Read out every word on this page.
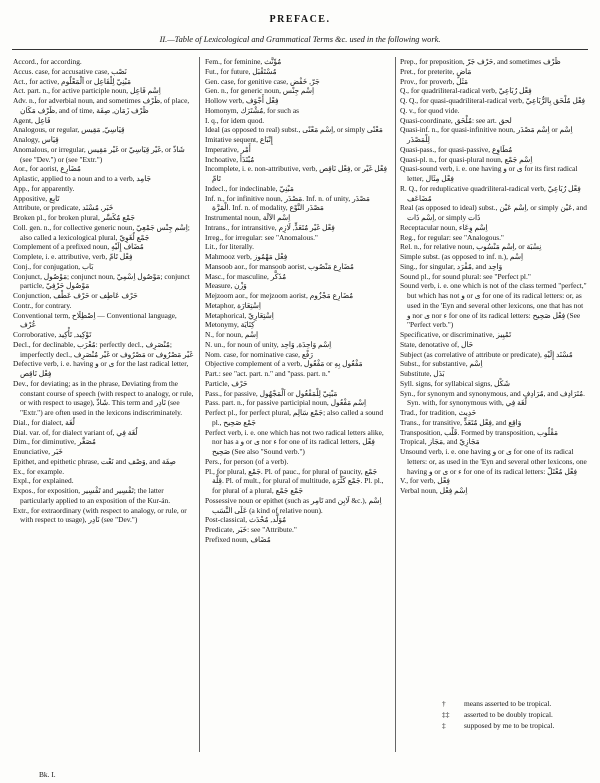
PREFACE.
II.—Table of Lexicological and Grammatical Terms &c. used in the following work.

Accord., for according.

Accus. case, for accusative case, نَصْب

Act., for active, اَلْمَعْلُوم or مَبْنِيّ لِلْفَاعِل

Act. part. n., for active participle noun, اِسْم فَاعِل

Adv. n., for adverbial noun, and sometimes ظَرْف, of place, ظَرْف مَكَان, and of time, ظَرْف زَمَان, صِفَة

Agent, فَاعِل

Analogous, or regular, قِيَاسِيّ, مَقِيس

Analogy, قِيَاس

Anomalous, or irregular, غَيْر مَقِيس or غَيْر قِيَاسِيّ, or شَاذّ (see "Dev.") or (see "Extr.")

Aor., for aorist, مُضَارِع

Aplastic, applied to a noun and to a verb, جَامِد

App., for apparently.

Appositive, تَابِع

Attribute, or predicate, خَبَر, مُسْنَد

Broken pl., for broken plural, جَمْع مُكَسَّر

Coll. gen. n., for collective generic noun, اِسْم جِنْس جَمْعِيّ; also called a lexicological plural, جَمْع لُغَوِيّ

Complement of a prefixed noun, مُضَاف إِلَيْهِ

Complete, i. e. attributive, verb, فِعْل تَامّ

Conj., for conjugation, بَاب

Conjunct, مَوْصُول; conjunct noun, مَوْصُول اِسْمِيّ; conjunct particle, مَوْصُول حَرْفِيّ

Conjunction, حَرْف عَطْف or حَرْف عَاطِف

Contr., for contrary.

Conventional term, اِصْطِلَاح — Conventional language, عُرْف

Corroborative, تَوْكِيد, تَأْكِيد

Decl., for declinable, مُعْرَب: perfectly decl., مُنْصَرِف; imperfectly decl., غَيْر مُنْصَرِف or مَصْرُوف or غَيْر مَصْرُوف

Defective verb, i. e. having و or ى for the last radical letter, فِعْل نَاقِص

Dev., for deviating; as in the phrase, Deviating from the constant course of speech (with respect to analogy, or rule, or with respect to usage), شَاذّ. This term and نَادِر (see "Extr.") are often used in the lexicons indiscriminately.

Dial., for dialect, لُغَة

Dial. var. of, for dialect variant of, لُغَة فِي

Dim., for diminutive, مُصَغَّر

Enunciative, خَبَر

Epithet, and epithetic phrase, نَعْت and وَصْف, and صِفَة

Ex., for example.

Expl., for explained.

Expos., for exposition, تَفْسِير and تَفْسِير; the latter particularly applied to an exposition of the Kur-án.

Extr., for extraordinary (with respect to analogy, or rule, or with respect to usage), نَادِر (see "Dev.")

Fem., for feminine, مُؤَنَّث

Fut., for future, مُسْتَقْبَل

Gen. case, for genitive case, جَرّ, خَفْض

Gen. n., for generic noun, اِسْم جِنْس

Hollow verb, فِعْل أَجْوَف

Homonym, مُشْتَرَك, for such as

I. q., for idem quod.

Ideal (as opposed to real) subst., اِسْم مَعْنًى, or simply مَعْنًى

Imitative sequent, إِتْبَاع

Imperative, أَمْر

Inchoative, مُبْتَدَأ

Incomplete, i. e. non-attributive, verb, فِعْل نَاقِص, or فِعْل غَيْر تَامّ

Indecl., for indeclinable, مَبْنِيّ

Inf. n., for infinitive noun, مَصْدَر. Inf. n. of unity, مَصْدَر الْمَرَّة. Inf. n. of modality, مَصْدَر النَّوْع

Instrumental noun, اِسْم الآلَة

Intrans., for intransitive, فِعْل غَيْر مُتَعَدٍّ, لَازِم

Irreg., for irregular: see "Anomalous."

Lit., for literally.

Mahmooz verb, فِعْل مَهْمُوز

Mansoob aor., for mansoob aorist, مُضَارِع مَنْصُوب

Masc., for masculine, مُذَكَّر

Measure, وَزْن

Mejzoom aor., for mejzoom aorist, مُضَارِع مَجْزُوم

Metaphor, اِسْتِعَارَة

Metaphorical, اِسْتِعَارِيّ

Metonymy, كِنَايَة

N., for noun, اِسْم

N. un., for noun of unity, اِسْم وَاحِدَة, وَاحِد

Nom. case, for nominative case, رَفْع

Objective complement of a verb, مَفْعُول or مَفْعُول بِهِ

Part.: see "act. part. n." and "pass. part. n."

Particle, حَرْف

Pass., for passive, اَلْمَجْهُول or مَبْنِيّ لِلْمَفْعُول

Pass. part. n., for passive participial noun, اِسْم مَفْعُول

Perfect pl., for perfect plural, جَمْع سَالِم; also called a sound pl., جَمْع صَحِيح

Perfect verb, i. e. one which has not two radical letters alike, nor has a و or ى nor ء for one of its radical letters, فِعْل صَحِيح (See also "Sound verb.")

Pers., for person (of a verb).

Pl., for plural, جَمْع. Pl. of pauc., for plural of paucity, جَمْع قِلَّة. Pl. of mult., for plural of multitude, جَمْع كَثْرَة. Pl. pl., for plural of a plural, جَمْع جَمْع

Possessive noun or epithet (such as تَامِر and لَابِن &c.), اِسْم عَلَى النَّسَب (a kind of relative noun).

Post-classical, مُوَلَّد, مُحْدَث

Predicate, خَبَر: see "Attribute."

Prefixed noun, مُضَاف

Prep., for preposition, حَرْف جَرّ, and sometimes ظَرْف

Pret., for preterite, مَاضٍ

Prov., for proverb, مَثَل

Q., for quadriliteral-radical verb, فِعْل رُبَاعِيّ

Q. Q., for quasi-quadriliteral-radical verb, فِعْل مُلْحَق بِالرُّبَاعِيّ

Q. v., for quod vide.

Quasi-coordinate, مُلْحَق: see art. لحق

Quasi-inf. n., for quasi-infinitive noun, اِسْم مَصْدَر or اِسْم لِلْمَصْدَر

Quasi-pass., for quasi-passive, مُطَاوِع

Quasi-pl. n., for quasi-plural noun, اِسْم جَمْع

Quasi-sound verb, i. e. one having و or ى for its first radical letter, فِعْل مِثَال

R. Q., for reduplicative quadriliteral-radical verb, فِعْل رُبَاعِيّ مُضَاعَف

Real (as opposed to ideal) subst., اِسْم عَيْن, or simply عَيْن, and اِسْم ذَات, or simply ذَات

Receptacular noun, اِسْم وِعَاء

Reg., for regular: see "Analogous."

Rel. n., for relative noun, اِسْم مَنْسُوب, or نِسْبَة

Simple subst. (as opposed to inf. n.), اِسْم

Sing., for singular, مُفْرَد, and وَاحِد

Sound pl., for sound plural: see "Perfect pl."

Sound verb, i. e. one which is not of the class termed "perfect," but which has not و or ى for one of its radical letters: or, as used in the 'Eyn and several other lexicons, one that has not و nor ى nor ء for one of its radical letters: فِعْل صَحِيح (See "Perfect verb.")

Specificative, or discriminative, تَمْيِيز

State, denotative of, حَال

Subject (as correlative of attribute or predicate), مُسْنَد إِلَيْهِ

Subst., for substantive, اِسْم

Substitute, بَدَل

Syll. signs, for syllabical signs, شَكْل

Syn., for synonym and synonymous, and مُرَادِف, and مُتَرَادِف. Syn. with, for synonymous with, لُغَة فِي

Trad., for tradition, حَدِيث

Trans., for transitive, فِعْل مُتَعَدٍّ, and وَاقِع

Transposition, قَلْب. Formed by transposition, مَقْلُوب

Tropical, مَجَاز, and مَجَازِيّ

Unsound verb, i. e. one having و or ى for one of its radical letters: or, as used in the 'Eyn and several other lexicons, one having و or ى or ء for one of its radical letters: فِعْل مُعْتَلّ

V., for verb, فِعْل

Verbal noun, اِسْم فِعْل

† means asserted to be tropical.
‡‡ asserted to be doubly tropical.
‡ supposed by me to be tropical.
Bk. I.
